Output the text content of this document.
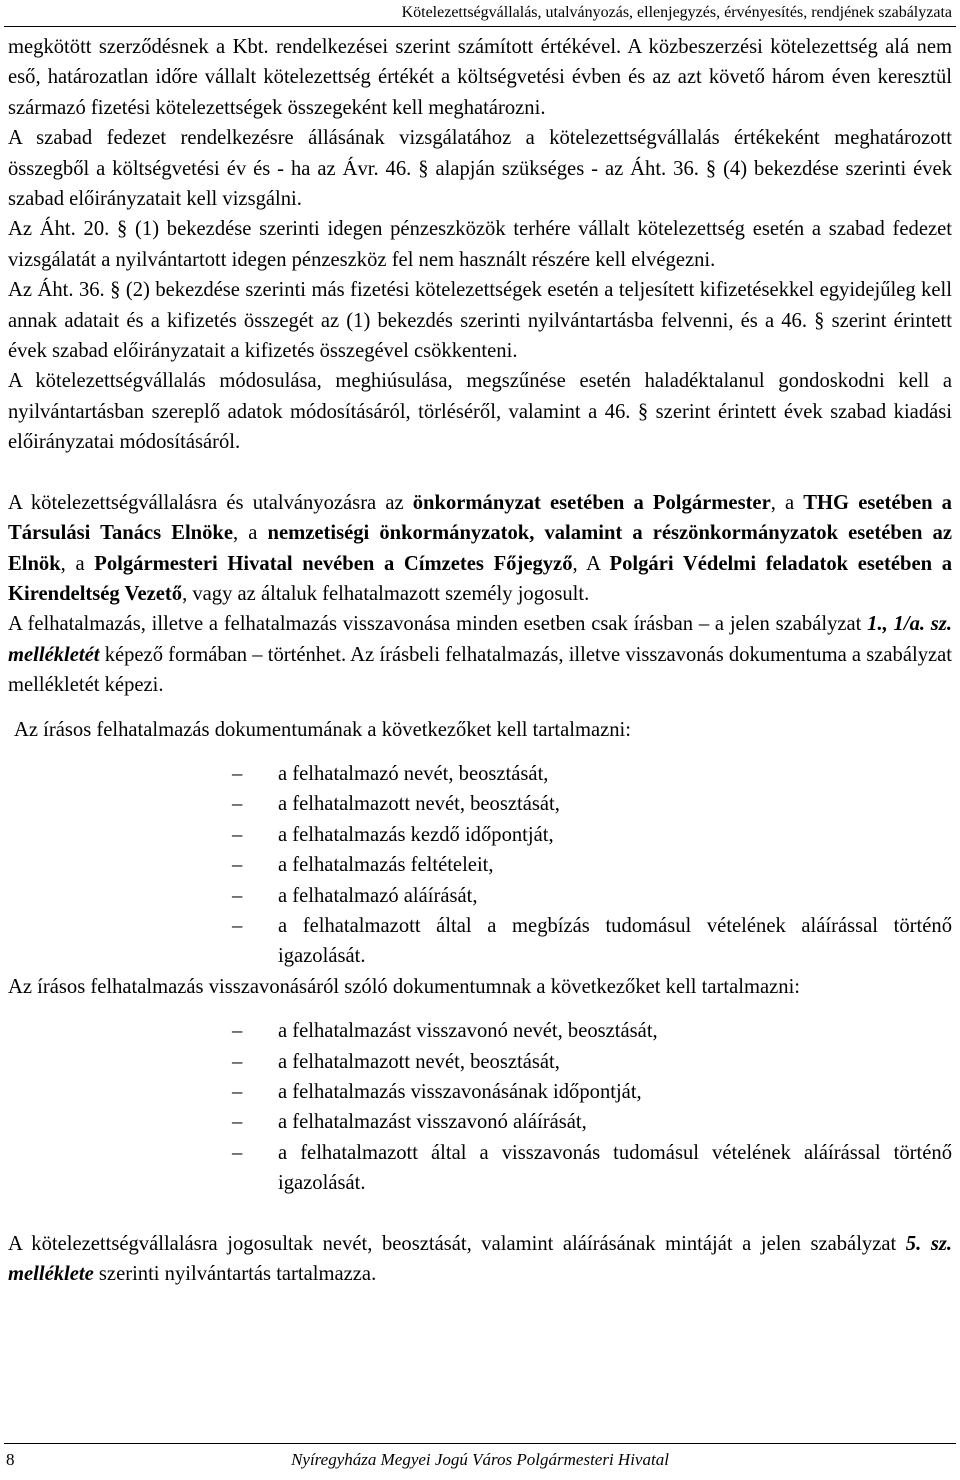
Kötelezettségvállalás, utalványozás, ellenjegyzés, érvényesítés, rendjének szabályzata

megkötött szerződésnek a Kbt. rendelkezései szerint számított értékével. A közbeszerzési kötelezettség alá nem eső, határozatlan időre vállalt kötelezettség értékét a költségvetési évben és az azt követő három éven keresztül származó fizetési kötelezettségek összegeként kell meghatározni.

A szabad fedezet rendelkezésre állásának vizsgálatához a kötelezettségvállalás értékeként meghatározott összegből a költségvetési év és - ha az Ávr. 46. § alapján szükséges - az Áht. 36. § (4) bekezdése szerinti évek szabad előirányzatait kell vizsgálni.

Az Áht. 20. § (1) bekezdése szerinti idegen pénzeszközök terhére vállalt kötelezettség esetén a szabad fedezet vizsgálatát a nyilvántartott idegen pénzeszköz fel nem használt részére kell elvégezni.

Az Áht. 36. § (2) bekezdése szerinti más fizetési kötelezettségek esetén a teljesített kifizetésekkel egyidejűleg kell annak adatait és a kifizetés összegét az (1) bekezdés szerinti nyilvántartásba felvenni, és a 46. § szerint érintett évek szabad előirányzatait a kifizetés összegével csökkenteni.

A kötelezettségvállalás módosulása, meghiúsulása, megszűnése esetén haladéktalanul gondoskodni kell a nyilvántartásban szereplő adatok módosításáról, törléséről, valamint a 46. § szerint érintett évek szabad kiadási előirányzatai módosításáról.

A kötelezettségvállalásra és utalványozásra az önkormányzat esetében a Polgármester, a THG esetében a Társulási Tanács Elnöke, a nemzetiségi önkormányzatok, valamint a részönkormányzatok esetében az Elnök, a Polgármesteri Hivatal nevében a Címzetes Főjegyző, A Polgári Védelmi feladatok esetében a Kirendeltség Vezető, vagy az általuk felhatalmazott személy jogosult.

A felhatalmazás, illetve a felhatalmazás visszavonása minden esetben csak írásban – a jelen szabályzat 1., 1/a. sz. mellékletét képező formában – történhet. Az írásbeli felhatalmazás, illetve visszavonás dokumentuma a szabályzat mellékletét képezi.

Az írásos felhatalmazás dokumentumának a következőket kell tartalmazni:

– a felhatalmazó nevét, beosztását,
– a felhatalmazott nevét, beosztását,
– a felhatalmazás kezdő időpontját,
– a felhatalmazás feltételeit,
– a felhatalmazó aláírását,
– a felhatalmazott által a megbízás tudomásul vételének aláírással történő igazolását.

Az írásos felhatalmazás visszavonásáról szóló dokumentumnak a következőket kell tartalmazni:

– a felhatalmazást visszavonó nevét, beosztását,
– a felhatalmazott nevét, beosztását,
– a felhatalmazás visszavonásának időpontját,
– a felhatalmazást visszavonó aláírását,
– a felhatalmazott által a visszavonás tudomásul vételének aláírással történő igazolását.

A kötelezettségvállalásra jogosultak nevét, beosztását, valamint aláírásának mintáját a jelen szabályzat 5. sz. melléklete szerinti nyilvántartás tartalmazza.

8	Nyíregyháza Megyei Jogú Város Polgármesteri Hivatal
